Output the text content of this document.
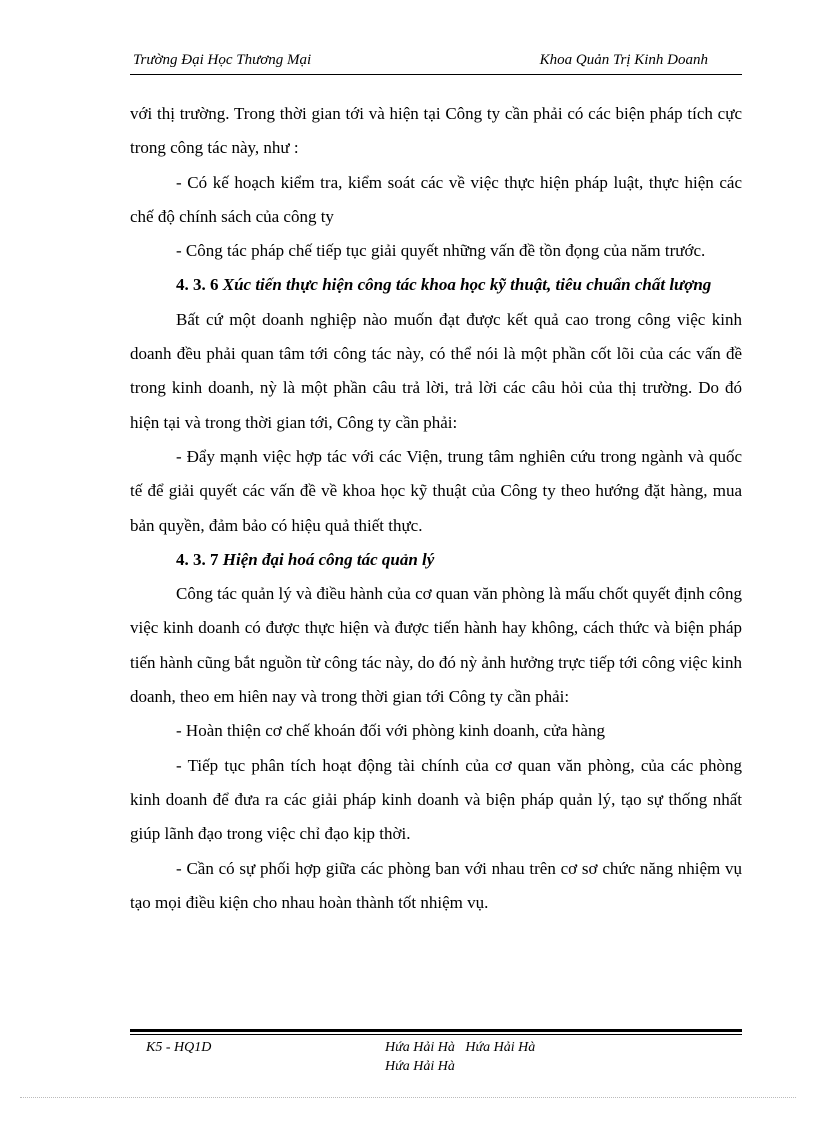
Trường Đại Học Thương Mại	Khoa Quản Trị Kinh Doanh

với thị trường. Trong thời gian tới và hiện tại Công ty cần phải có các biện pháp tích cực trong công tác này, như :

- Có kế hoạch kiểm tra, kiểm soát các về việc thực hiện pháp luật, thực hiện các chế độ chính sách của công ty

- Công tác pháp chế tiếp tục giải quyết những vấn đề tồn đọng của năm trước.

4. 3. 6 Xúc tiến thực hiện công tác khoa học kỹ thuật, tiêu chuẩn chất lượng

Bất cứ một doanh nghiệp nào muốn đạt được kết quả cao trong công việc kinh doanh đều phải quan tâm tới công tác này, có thể nói là một phần cốt lõi của các vấn đề trong kinh doanh, nỳ là một phần câu trả lời, trả lời các câu hỏi của thị trường. Do đó hiện tại và trong thời gian tới, Công ty cần phải:

- Đẩy mạnh việc hợp tác với các Viện, trung tâm nghiên cứu trong ngành và quốc tế để giải quyết các vấn đề về khoa học kỹ thuật của Công ty theo hướng đặt hàng, mua bản quyền, đảm bảo có hiệu quả thiết thực.

4. 3. 7 Hiện đại hoá công tác quản lý

Công tác quản lý và điều hành của cơ quan văn phòng là mấu chốt quyết định công việc kinh doanh có được thực hiện và được tiến hành hay không, cách thức và biện pháp tiến hành cũng bắt nguồn từ công tác này, do đó nỳ ảnh hưởng trực tiếp tới công việc kinh doanh, theo em hiên nay và trong thời gian tới Công ty cần phải:

- Hoàn thiện cơ chế khoán đối với phòng kinh doanh, cửa hàng

- Tiếp tục phân tích hoạt động tài chính của cơ quan văn phòng, của các phòng kinh doanh để đưa ra các giải pháp kinh doanh và biện pháp quản lý, tạo sự thống nhất giúp lãnh đạo trong việc chỉ đạo kịp thời.

- Cần có sự phối hợp giữa các phòng ban với nhau trên cơ sơ chức năng nhiệm vụ tạo mọi điều kiện cho nhau hoàn thành tốt nhiệm vụ.

K5 - HQ1D	Hứa Hải Hà   Hứa Hải Hà
Hứa Hải Hà
